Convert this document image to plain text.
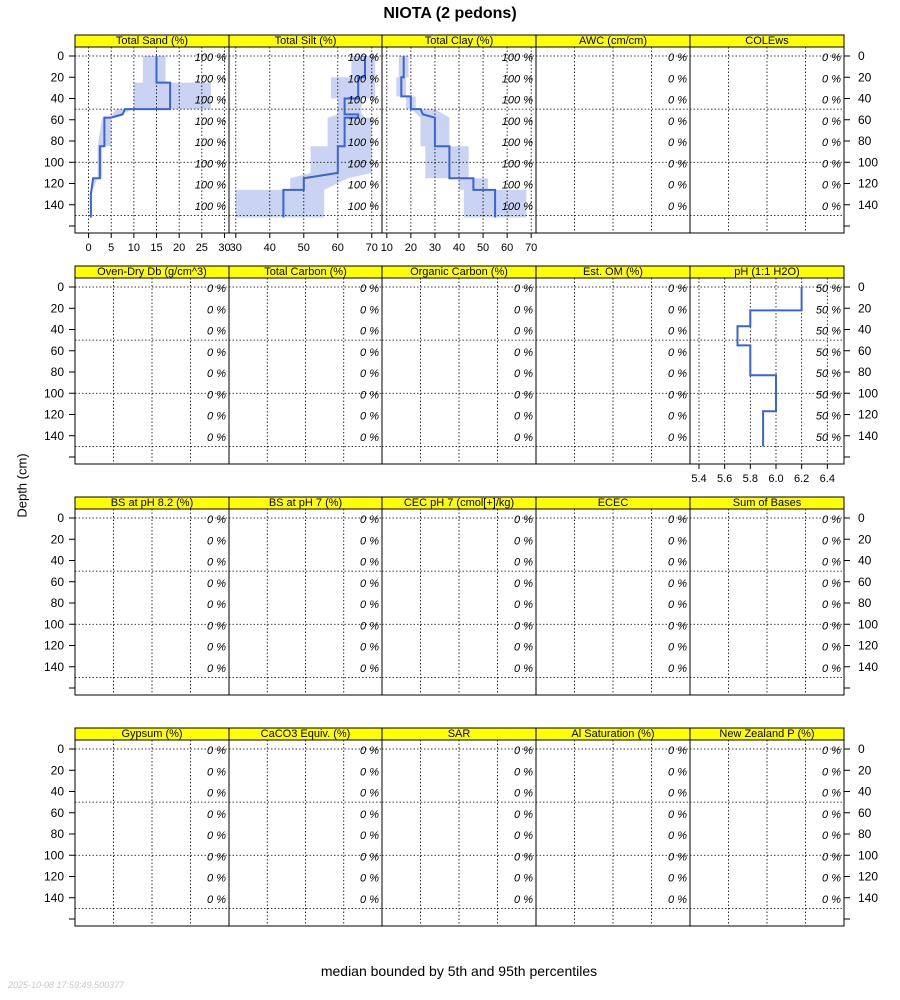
NIOTA (2 pedons)
Total Sand (%)
100 %
100 %
100 %
100 %
100 %
100 %
100 %
100 %
0 5 10 15 20 25 30
Total Silt (%)
100 %
100 %
100 %
100 %
100 %
100 %
100 %
100 %
30 40 50 60 70
Total Clay (%)
100 %
100 %
100 %
100 %
100 %
100 %
100 %
100 %
10 20 30 40 50 60 70
AWC (cm/cm)
0 %
0 %
0 %
0 %
0 %
0 %
0 %
0 %
COLEws
0 %
0 %
0 %
0 %
0 %
0 %
0 %
0 %
Oven-Dry Db (g/cm^3)
0 %
0 %
0 %
0 %
0 %
0 %
0 %
0 %
Total Carbon (%)
0 %
0 %
0 %
0 %
0 %
0 %
0 %
0 %
Organic Carbon (%)
0 %
0 %
0 %
0 %
0 %
0 %
0 %
0 %
Est. OM (%)
0 %
0 %
0 %
0 %
0 %
0 %
0 %
0 %
pH (1:1 H2O)
50 %
50 %
50 %
50 %
50 %
50 %
50 %
50 %
5.4 5.6 5.8 6.0 6.2 6.4
BS at pH 8.2 (%)
0 %
0 %
0 %
0 %
0 %
0 %
0 %
0 %
BS at pH 7 (%)
0 %
0 %
0 %
0 %
0 %
0 %
0 %
0 %
CEC pH 7 (cmol[+]/kg)
0 %
0 %
0 %
0 %
0 %
0 %
0 %
0 %
ECEC
0 %
0 %
0 %
0 %
0 %
0 %
0 %
0 %
Sum of Bases
0 %
0 %
0 %
0 %
0 %
0 %
0 %
0 %
Gypsum (%)
0 %
0 %
0 %
0 %
0 %
0 %
0 %
0 %
CaCO3 Equiv. (%)
0 %
0 %
0 %
0 %
0 %
0 %
0 %
0 %
SAR
0 %
0 %
0 %
0 %
0 %
0 %
0 %
0 %
Al Saturation (%)
0 %
0 %
0 %
0 %
0 %
0 %
0 %
0 %
New Zealand P (%)
0 %
0 %
0 %
0 %
0 %
0 %
0 %
0 %
0	0
20	20
40	40
60	60
80	80
100	100
120	120
140	140
0	0
20	20
40	40
60	60
80	80
100	100
120	120
140	140
0	0
20	20
40	40
60	60
80	80
100	100
120	120
140	140
0	0
20	20
40	40
60	60
80	80
100	100
120	120
140	140
Depth (cm)
median bounded by 5th and 95th percentiles
2025-10-08 17:59:49.500377
